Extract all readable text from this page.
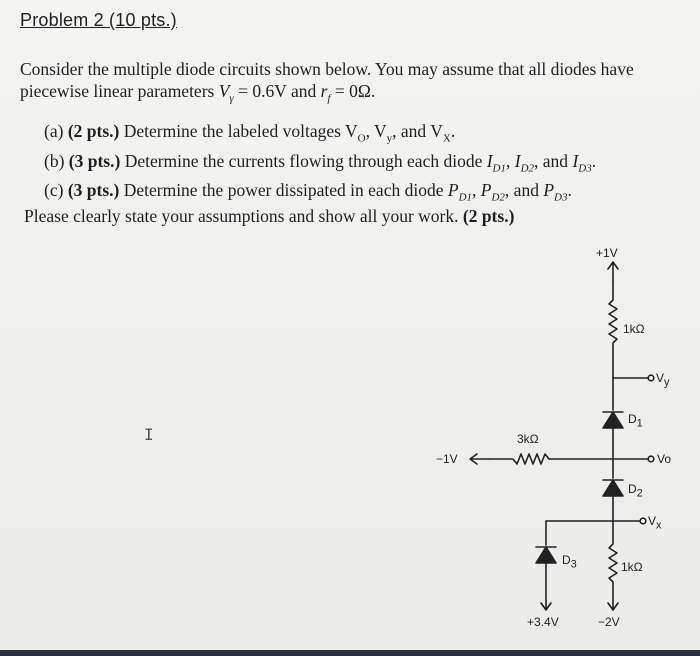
Problem 2 (10 pts.)
Consider the multiple diode circuits shown below. You may assume that all diodes have
piecewise linear parameters $V_\gamma = 0.6V$ and $r_f = 0\Omega$.
(a) (2 pts.) Determine the labeled voltages $V_O$, $V_y$, and $V_X$.
(b) (3 pts.) Determine the currents flowing through each diode $I_{D1}$, $I_{D2}$, and $I_{D3}$.
(c) (3 pts.) Determine the power dissipated in each diode $P_{D1}$, $P_{D2}$, and $P_{D3}$.
Please clearly state your assumptions and show all your work. (2 pts.)
I
+1V
1kΩ
$V_y$
$D_1$
3kΩ
−1V	Vo
$D_2$
$V_x$
$D_3$	1kΩ
+3.4V	−2V
